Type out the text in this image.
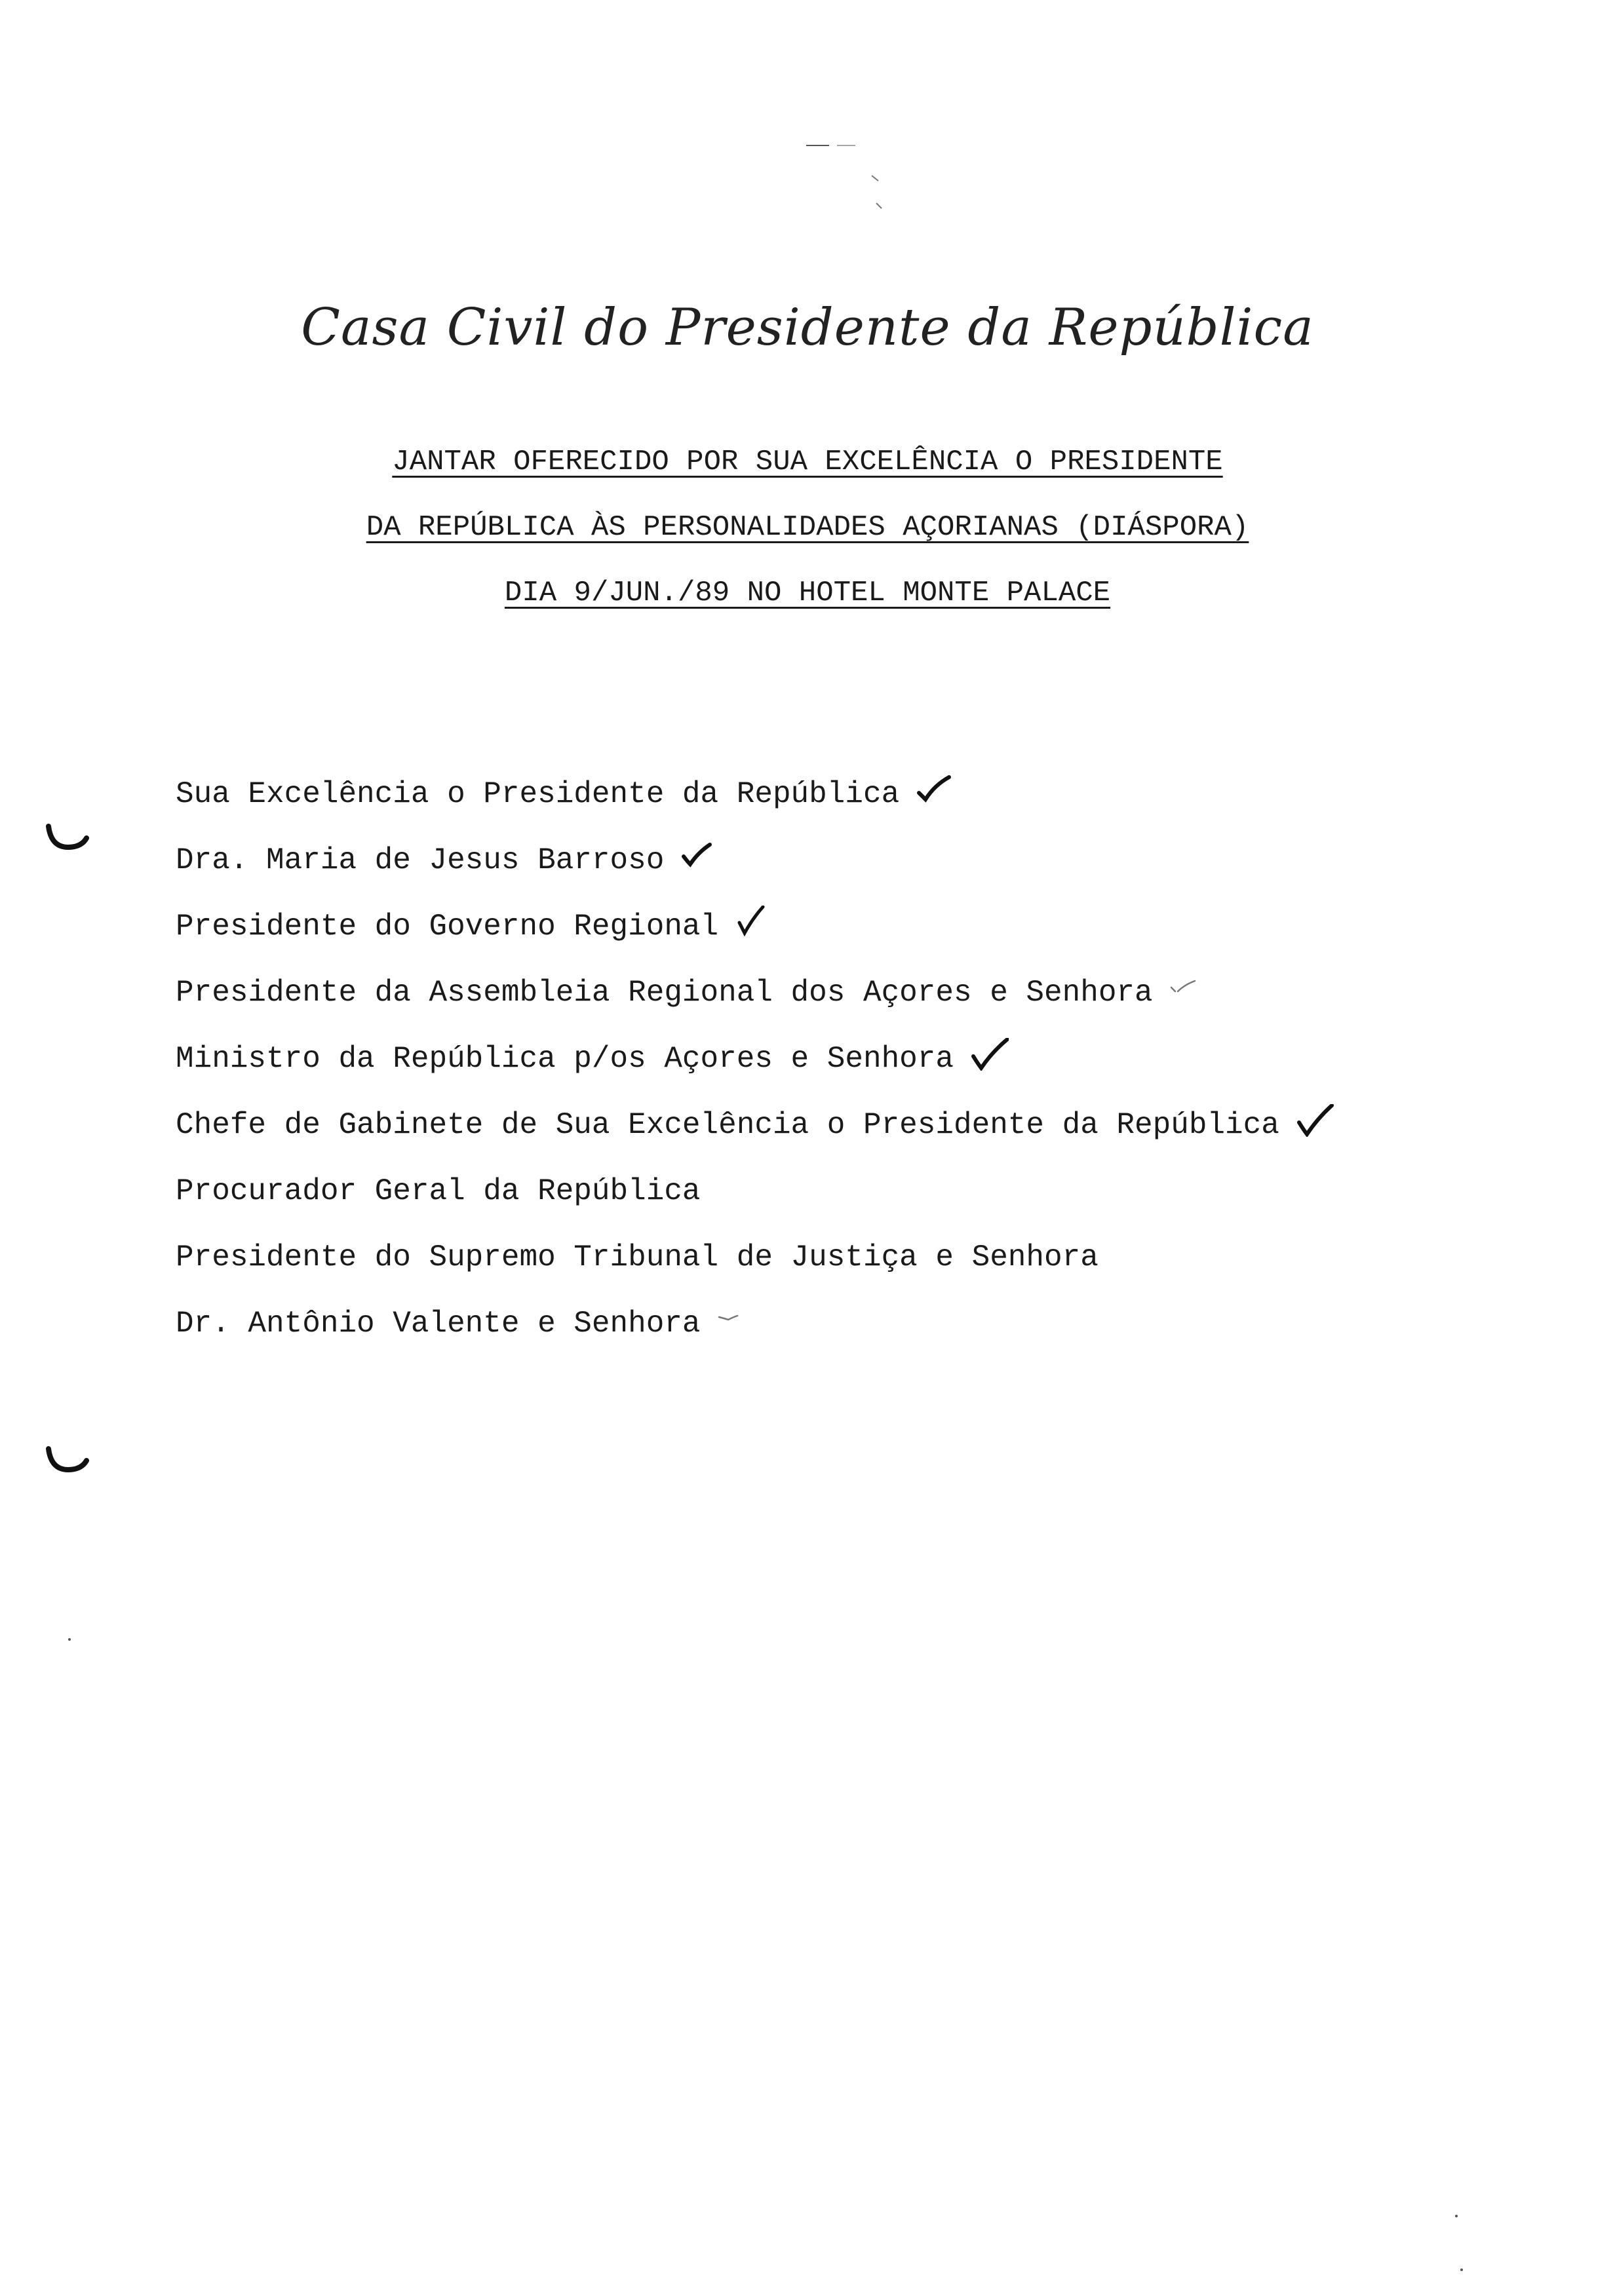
Casa Civil do Presidente da República
JANTAR OFERECIDO POR SUA EXCELÊNCIA O PRESIDENTE
DA REPÚBLICA ÀS PERSONALIDADES AÇORIANAS (DIÁSPORA)
DIA 9/JUN./89 NO HOTEL MONTE PALACE
Sua Excelência o Presidente da República
Dra. Maria de Jesus Barroso
Presidente do Governo Regional
Presidente da Assembleia Regional dos Açores e Senhora
Ministro da República p/os Açores e Senhora
Chefe de Gabinete de Sua Excelência o Presidente da República
Procurador Geral da República
Presidente do Supremo Tribunal de Justiça e Senhora
Dr. Antônio Valente e Senhora
